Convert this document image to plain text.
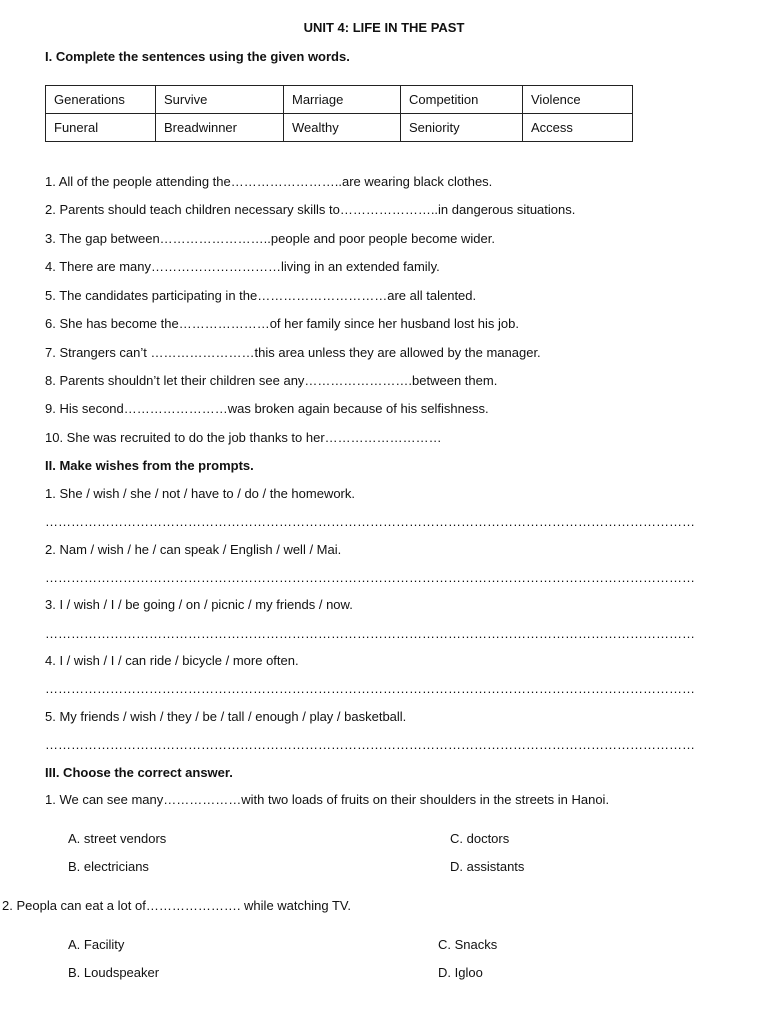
UNIT 4: LIFE IN THE PAST
I. Complete the sentences using the given words.
Generations	Survive	Marriage	Competition	Violence
Funeral	Breadwinner	Wealthy	Seniority	Access
1. All of the people attending the……………………..are wearing black clothes.
2. Parents should teach children necessary skills to…………………..in dangerous situations.
3. The gap between……………………..people and poor people become wider.
4. There are many…………………………living in an extended family.
5. The candidates participating in the…………………………are all talented.
6. She has become the…………………of her family since her husband lost his job.
7. Strangers can’t ……………………this area unless they are allowed by the manager.
8. Parents shouldn’t let their children see any…………………….between them.
9. His second……………………was broken again because of his selfishness.
10. She was recruited to do the job thanks to her………………………
II. Make wishes from the prompts.
1. She / wish / she / not / have to / do / the homework.
……………………………………………………………………………………………………………………………………
2. Nam / wish / he / can speak / English / well / Mai.
……………………………………………………………………………………………………………………………………
3. I / wish / I / be going / on / picnic / my friends / now.
……………………………………………………………………………………………………………………………………
4. I / wish / I / can ride / bicycle / more often.
……………………………………………………………………………………………………………………………………
5. My friends / wish / they / be / tall / enough / play / basketball.
……………………………………………………………………………………………………………………………………
III. Choose the correct answer.
1. We can see many………………with two loads of fruits on their shoulders in the streets in Hanoi.
A. street vendors
B. electricians
C. doctors
D. assistants
2. Peopla can eat a lot of…………………. while watching TV.
A. Facility
B. Loudspeaker
C. Snacks
D. Igloo
